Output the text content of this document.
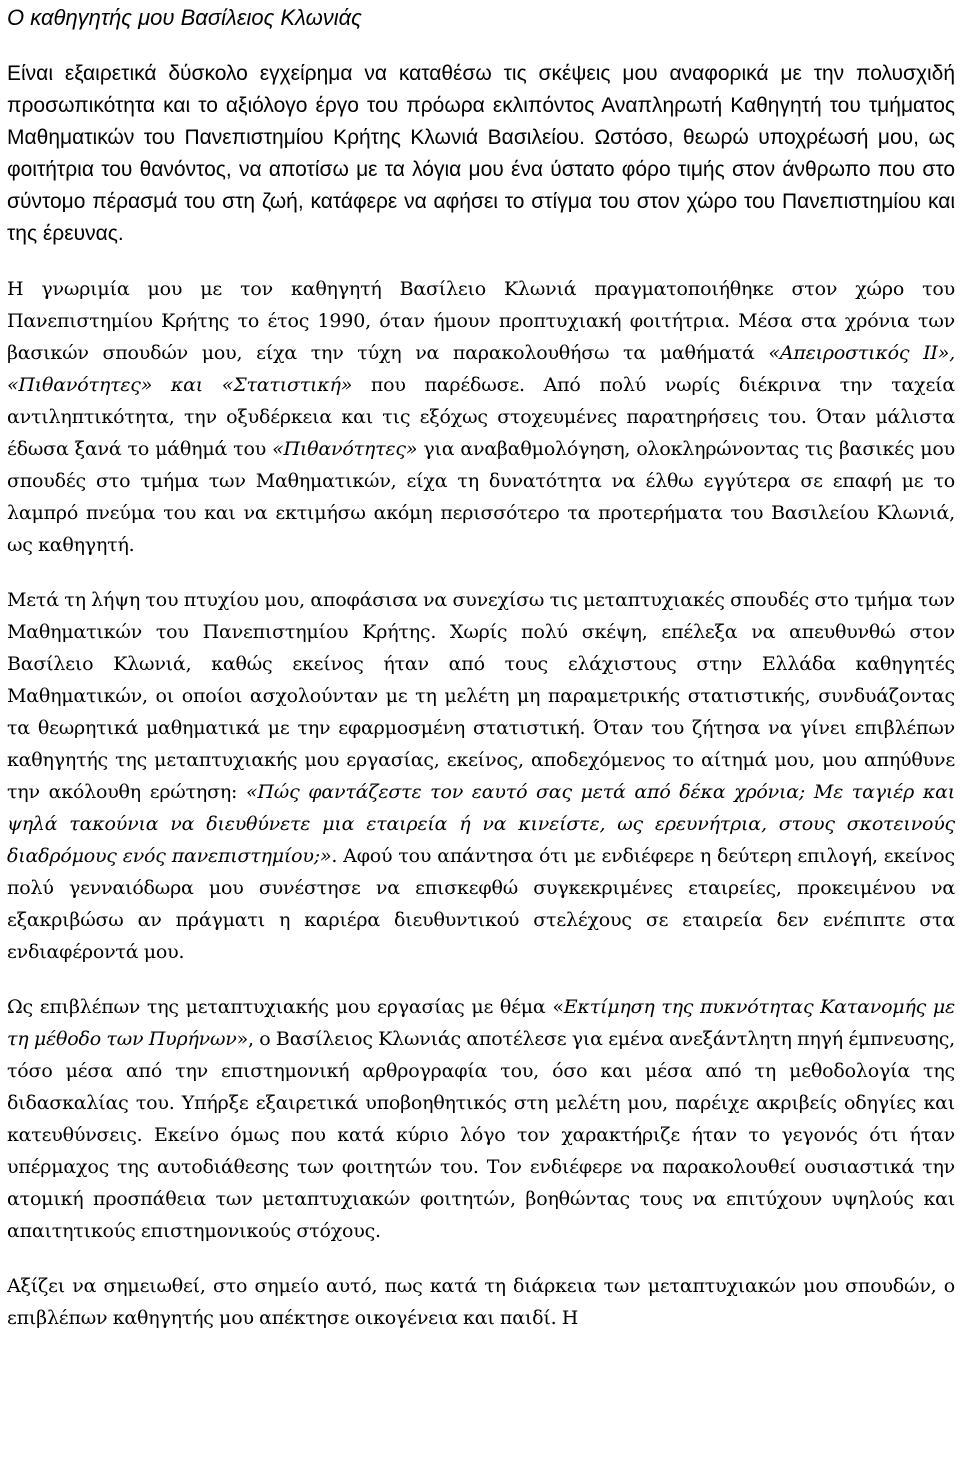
Ο καθηγητής μου Βασίλειος Κλωνιάς

Είναι εξαιρετικά δύσκολο εγχείρημα να καταθέσω τις σκέψεις μου αναφορικά με την πολυσχιδή προσωπικότητα και το αξιόλογο έργο του πρόωρα εκλιπόντος Αναπληρωτή Καθηγητή του τμήματος Μαθηματικών του Πανεπιστημίου Κρήτης Κλωνιά Βασιλείου. Ωστόσο, θεωρώ υποχρέωσή μου, ως φοιτήτρια του θανόντος, να αποτίσω με τα λόγια μου ένα ύστατο φόρο τιμής στον άνθρωπο που στο σύντομο πέρασμά του στη ζωή, κατάφερε να αφήσει το στίγμα του στον χώρο του Πανεπιστημίου και της έρευνας.

Η γνωριμία μου με τον καθηγητή Βασίλειο Κλωνιά πραγματοποιήθηκε στον χώρο του Πανεπιστημίου Κρήτης το έτος 1990, όταν ήμουν προπτυχιακή φοιτήτρια. Μέσα στα χρόνια των βασικών σπουδών μου, είχα την τύχη να παρακολουθήσω τα μαθήματά «Απειροστικός ΙΙ», «Πιθανότητες» και «Στατιστική» που παρέδωσε. Από πολύ νωρίς διέκρινα την ταχεία αντιληπτικότητα, την οξυδέρκεια και τις εξόχως στοχευμένες παρατηρήσεις του. Όταν μάλιστα έδωσα ξανά το μάθημά του «Πιθανότητες» για αναβαθμολόγηση, ολοκληρώνοντας τις βασικές μου σπουδές στο τμήμα των Μαθηματικών, είχα τη δυνατότητα να έλθω εγγύτερα σε επαφή με το λαμπρό πνεύμα του και να εκτιμήσω ακόμη περισσότερο τα προτερήματα του Βασιλείου Κλωνιά, ως καθηγητή.

Μετά τη λήψη του πτυχίου μου, αποφάσισα να συνεχίσω τις μεταπτυχιακές σπουδές στο τμήμα των Μαθηματικών του Πανεπιστημίου Κρήτης. Χωρίς πολύ σκέψη, επέλεξα να απευθυνθώ στον Βασίλειο Κλωνιά, καθώς εκείνος ήταν από τους ελάχιστους στην Ελλάδα καθηγητές Μαθηματικών, οι οποίοι ασχολούνταν με τη μελέτη μη παραμετρικής στατιστικής, συνδυάζοντας τα θεωρητικά μαθηματικά με την εφαρμοσμένη στατιστική. Όταν του ζήτησα να γίνει επιβλέπων καθηγητής της μεταπτυχιακής μου εργασίας, εκείνος, αποδεχόμενος το αίτημά μου, μου απηύθυνε την ακόλουθη ερώτηση: «Πώς φαντάζεστε τον εαυτό σας μετά από δέκα χρόνια; Με ταγιέρ και ψηλά τακούνια να διευθύνετε μια εταιρεία ή να κινείστε, ως ερευνήτρια, στους σκοτεινούς διαδρόμους ενός πανεπιστημίου;». Αφού του απάντησα ότι με ενδιέφερε η δεύτερη επιλογή, εκείνος πολύ γενναιόδωρα μου συνέστησε να επισκεφθώ συγκεκριμένες εταιρείες, προκειμένου να εξακριβώσω αν πράγματι η καριέρα διευθυντικού στελέχους σε εταιρεία δεν ενέπιπτε στα ενδιαφέροντά μου.

Ως επιβλέπων της μεταπτυχιακής μου εργασίας με θέμα «Εκτίμηση της πυκνότητας Κατανομής με τη μέθοδο των Πυρήνων», ο Βασίλειος Κλωνιάς αποτέλεσε για εμένα ανεξάντλητη πηγή έμπνευσης, τόσο μέσα από την επιστημονική αρθρογραφία του, όσο και μέσα από τη μεθοδολογία της διδασκαλίας του. Υπήρξε εξαιρετικά υποβοηθητικός στη μελέτη μου, παρέιχε ακριβείς οδηγίες και κατευθύνσεις. Εκείνο όμως που κατά κύριο λόγο τον χαρακτήριζε ήταν το γεγονός ότι ήταν υπέρμαχος της αυτοδιάθεσης των φοιτητών του. Τον ενδιέφερε να παρακολουθεί ουσιαστικά την ατομική προσπάθεια των μεταπτυχιακών φοιτητών, βοηθώντας τους να επιτύχουν υψηλούς και απαιτητικούς επιστημονικούς στόχους.

Αξίζει να σημειωθεί, στο σημείο αυτό, πως κατά τη διάρκεια των μεταπτυχιακών μου σπουδών, ο επιβλέπων καθηγητής μου απέκτησε οικογένεια και παιδί. Η
